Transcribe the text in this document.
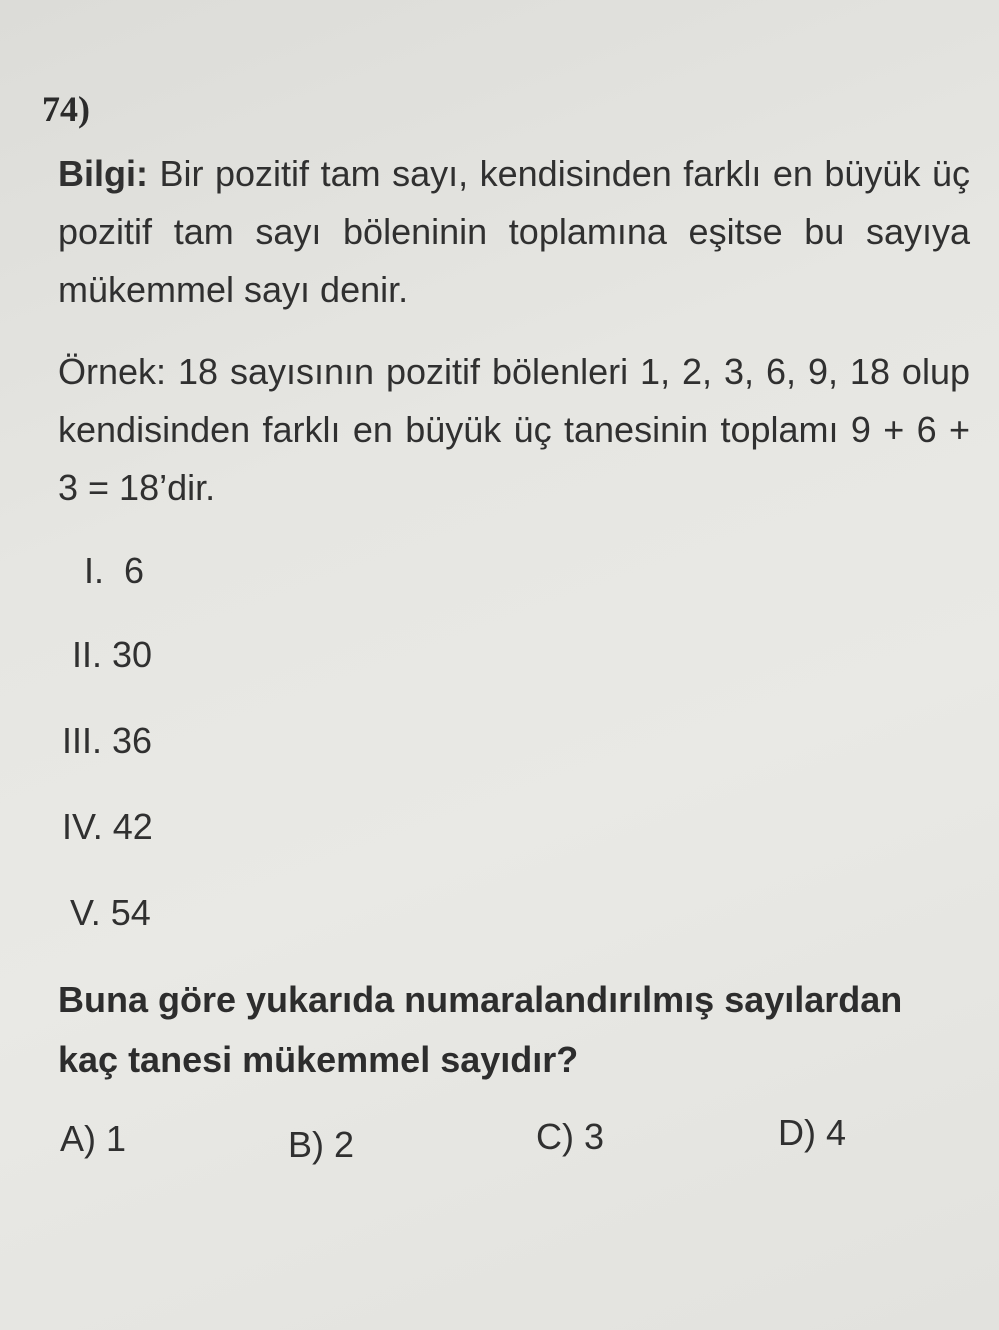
74)
Bilgi: Bir pozitif tam sayı, kendisinden farklı en büyük üç pozitif tam sayı böleninin toplamına eşitse bu sayıya mükemmel sayı denir.
Örnek: 18 sayısının pozitif bölenleri 1, 2, 3, 6, 9, 18 olup kendisinden farklı en büyük üç tanesinin toplamı 9 + 6 + 3 = 18’dir.
I. 6
II. 30
III. 36
IV. 42
V. 54
Buna göre yukarıda numaralandırılmış sayılardan kaç tanesi mükemmel sayıdır?
A) 1	B) 2	C) 3	D) 4
